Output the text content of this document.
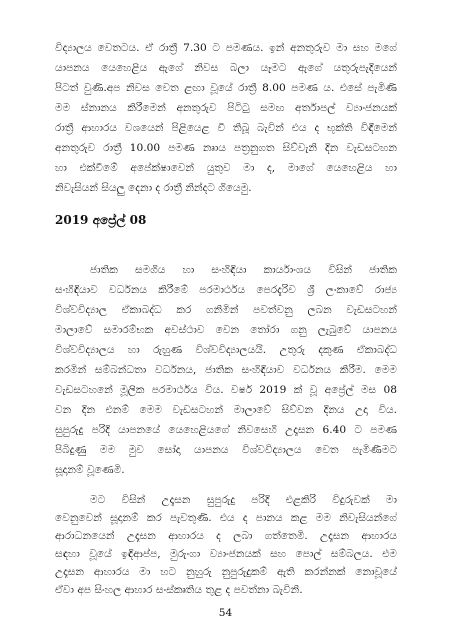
විද්‍යාලය වෙතටය. ඒ රාත්‍රී 7.30 ට පමණය. ඉන් අනතුරුව මා සහ මගේ
යාපනය යෙහෙළිය ඇගේ නිවස බලා යෑමට ඇගේ යතුරුපැදියෙන්
පිටත් වුණි.අප නිවස වෙත ළඟා වූයේ රාත්‍රී 8.00 පමණ ය. එසේ පැමිණි
මම ස්නානය කිරීමෙන් අනතුරුව පිටිටු සමඟ අර්තාපල් ව්‍යාංජනයක්
රාත්‍රී ආහාරය වශයෙන් පිළියෙළ වී තිබූ බැවින් එය ද භුක්ති විඳීමෙන්
අනතුරුව රාත්‍රී 10.00 පමණ නෘාය පත්‍රනුගත සිව්වැනි දින වැඩසටහන
හා එක්වීමේ අපේක්ෂාවෙන් යුතුව මා ද, මාගේ යෙහෙළිය හා
නිවැසියන් සියලු දෙනා ද රාත්‍රී නින්දට ගියෙමු.
2019 අප්‍රේල් 08
ජාතික සමගිය හා සංහිඳියා කාර්යාංශය විසින් ජාතික
සංහිඳියාව වර්ධනය කිරීමේ පරමාර්ථය පෙරදැරිව ශ්‍රී ලංකාවේ රාජ්‍ය
විශ්වවිද්‍යාල ඒකාබද්ධ කර ගනිමින් පවත්වනු ලබන වැඩසටහන්
මාලාවේ සමාරම්භක අවස්ථාව වෙන තෝරා ගනු ලැබුවේ යාපනය
විශ්වවිද්‍යාලය හා රුහුණ විශ්වවිද්‍යාලයයි. උතුරු දකුණ ඒකාබද්ධ
කරමින් සම්බන්ධතා වර්ධනය, ජාතික සංහිඳියාව වර්ධනය කිරීම. මෙම
වැඩසටහනේ මූලික පරමාර්ථය විය. වර්ෂ 2019 ක් වූ අප්‍රේල් මස 08
වන දින එනම් මෙම වැඩසටහන් මාලාවේ සිව්වන දිනය උදා විය.
සුපුරුදු පරිදි යාපනයේ යෙහෙළියගේ නිවසෙහි උදෑසන 6.40 ට පමණ
පිබිදුණු මම මුව සෝදා යාපනය විශ්වවිද්‍යාලය වෙත පැමිණීමට
සූදානම් වූණෙමි.
මට විසින් උදෑසන සුපුරුදු පරිදි එළකිරි විදුරුවක් මා
වෙනුවෙන් සූදානම් කර පැවතුණි. එය ද පානය කළ මම නිවැසියන්ගේ
ආරාධනයෙන් උදෑසන ආහාරය ද ලබා ගත්තෙමි. උදෑසන ආහාරය
සඳහා වූයේ ඉඳිආප්ප, මුරුංගා ව්‍යාංජනයක් සහ පොල් සම්බලය. එම
උදෑසන ආහාරය මා හට නුහුරු නුපුරුදුකම් ඇති කරන්නක් නොවූයේ
ඒවා අප සිංහල ආහාර සංස්කෘතිය තුළ ද පවත්නා බැවිනි.
54
